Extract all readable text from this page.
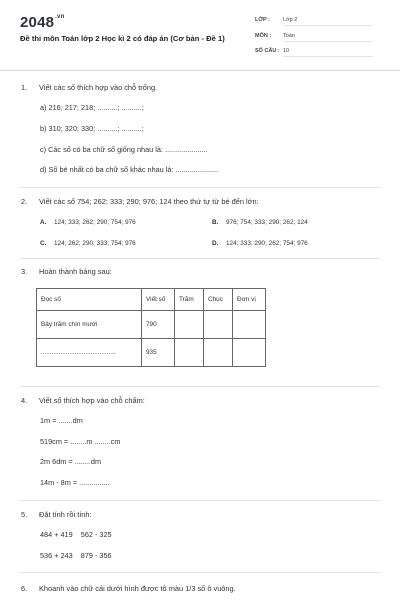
$2048^{.vn}$
Đề thi môn Toán lớp 2 Học kì 2 có đáp án (Cơ bản - Đề 1)
LỚP : Lớp 2
MÔN : Toán
SỐ CÂU : 10
1. Viết các số thích hợp vào chỗ trống.
a) 216; 217; 218; ..........; ..........;
b) 310; 320; 330; ..........; ..........;
c) Các số có ba chữ số giống nhau là: .....................
d) Số bé nhất có ba chữ số khác nhau là: .....................
2. Viết các số 754; 262; 333; 290; 976; 124 theo thứ tự từ bé đến lớn:
A. 124; 333; 262; 290; 754; 976	B. 976; 754; 333; 290; 262; 124
C. 124; 262; 290; 333; 754; 976	D. 124; 333; 290; 262; 754; 976
3. Hoàn thành bảng sau:
Đọc số	Viết số	Trăm	Chục	Đơn vị
Bảy trăm chín mươi	790			
..........................................	935			
4. Viết số thích hợp vào chỗ chấm:
1m = .......dm
519cm = ........m ........cm
2m 6dm = ........dm
14m - 8m = ...............
5. Đặt tính rồi tính:
484 + 419    562 - 325
536 + 243    879 - 356
6. Khoanh vào chữ cái dưới hình được tô màu 1/3 số ô vuông.
